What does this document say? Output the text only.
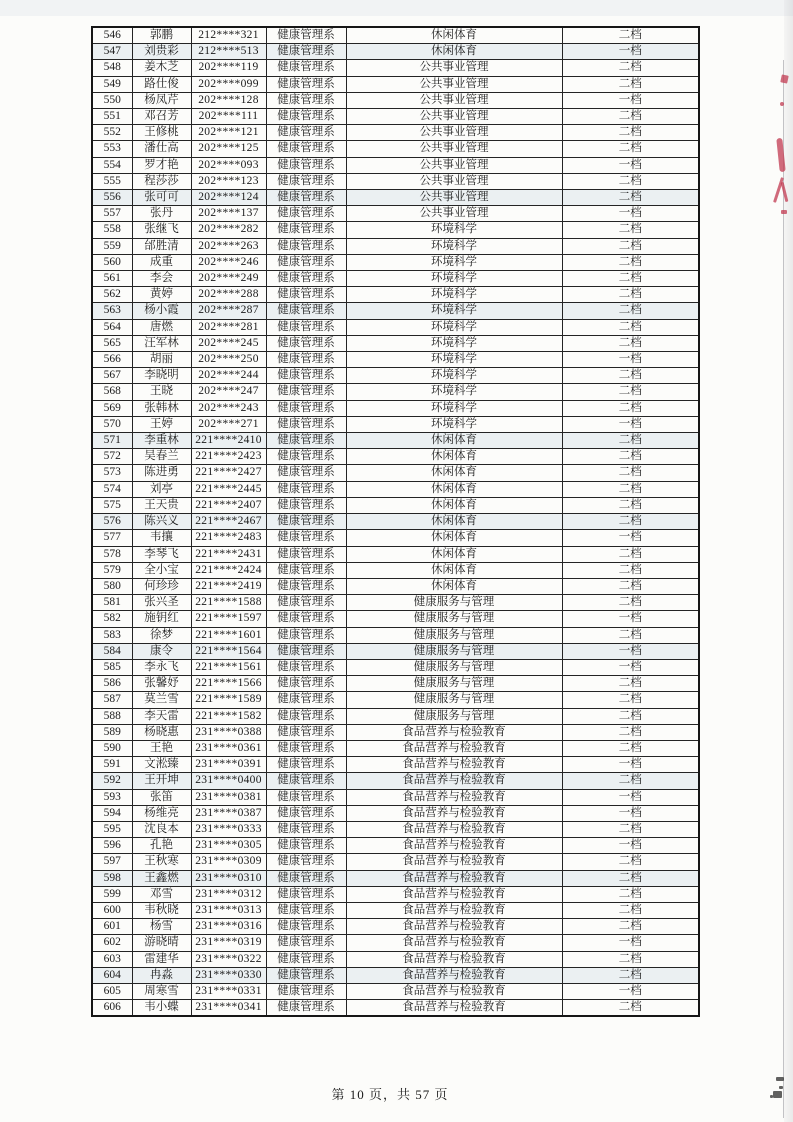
546	郭鹏	212****321	健康管理系	休闲体育	二档
547	刘贵彩	212****513	健康管理系	休闲体育	一档
548	姜木芝	202****119	健康管理系	公共事业管理	二档
549	路仕俊	202****099	健康管理系	公共事业管理	二档
550	杨凤芹	202****128	健康管理系	公共事业管理	一档
551	邓召芳	202****111	健康管理系	公共事业管理	二档
552	王修桃	202****121	健康管理系	公共事业管理	二档
553	潘仕高	202****125	健康管理系	公共事业管理	二档
554	罗才艳	202****093	健康管理系	公共事业管理	一档
555	程莎莎	202****123	健康管理系	公共事业管理	二档
556	张可可	202****124	健康管理系	公共事业管理	二档
557	张丹	202****137	健康管理系	公共事业管理	一档
558	张继飞	202****282	健康管理系	环境科学	二档
559	邰胜清	202****263	健康管理系	环境科学	二档
560	成重	202****246	健康管理系	环境科学	二档
561	李会	202****249	健康管理系	环境科学	二档
562	黄婷	202****288	健康管理系	环境科学	二档
563	杨小霞	202****287	健康管理系	环境科学	二档
564	唐燃	202****281	健康管理系	环境科学	二档
565	汪军林	202****245	健康管理系	环境科学	二档
566	胡丽	202****250	健康管理系	环境科学	一档
567	李晓明	202****244	健康管理系	环境科学	二档
568	王晓	202****247	健康管理系	环境科学	二档
569	张韩林	202****243	健康管理系	环境科学	二档
570	王婷	202****271	健康管理系	环境科学	一档
571	李重林	221****2410	健康管理系	休闲体育	二档
572	吴春兰	221****2423	健康管理系	休闲体育	二档
573	陈进勇	221****2427	健康管理系	休闲体育	二档
574	刘亭	221****2445	健康管理系	休闲体育	二档
575	王天贵	221****2407	健康管理系	休闲体育	二档
576	陈兴义	221****2467	健康管理系	休闲体育	二档
577	韦攘	221****2483	健康管理系	休闲体育	一档
578	李琴飞	221****2431	健康管理系	休闲体育	二档
579	全小宝	221****2424	健康管理系	休闲体育	二档
580	何珍珍	221****2419	健康管理系	休闲体育	二档
581	张兴圣	221****1588	健康管理系	健康服务与管理	二档
582	施钥红	221****1597	健康管理系	健康服务与管理	一档
583	徐梦	221****1601	健康管理系	健康服务与管理	二档
584	康令	221****1564	健康管理系	健康服务与管理	一档
585	李永飞	221****1561	健康管理系	健康服务与管理	一档
586	张馨妤	221****1566	健康管理系	健康服务与管理	二档
587	莫兰雪	221****1589	健康管理系	健康服务与管理	二档
588	李天雷	221****1582	健康管理系	健康服务与管理	二档
589	杨晓惠	231****0388	健康管理系	食品营养与检验教育	二档
590	王艳	231****0361	健康管理系	食品营养与检验教育	二档
591	文淞臻	231****0391	健康管理系	食品营养与检验教育	一档
592	王开坤	231****0400	健康管理系	食品营养与检验教育	二档
593	张笛	231****0381	健康管理系	食品营养与检验教育	一档
594	杨维亮	231****0387	健康管理系	食品营养与检验教育	一档
595	沈良本	231****0333	健康管理系	食品营养与检验教育	二档
596	孔艳	231****0305	健康管理系	食品营养与检验教育	一档
597	王秋寒	231****0309	健康管理系	食品营养与检验教育	二档
598	王鑫燃	231****0310	健康管理系	食品营养与检验教育	二档
599	邓雪	231****0312	健康管理系	食品营养与检验教育	二档
600	韦秋晓	231****0313	健康管理系	食品营养与检验教育	二档
601	杨雪	231****0316	健康管理系	食品营养与检验教育	二档
602	游晓晴	231****0319	健康管理系	食品营养与检验教育	一档
603	雷建华	231****0322	健康管理系	食品营养与检验教育	二档
604	冉淼	231****0330	健康管理系	食品营养与检验教育	二档
605	周寒雪	231****0331	健康管理系	食品营养与检验教育	一档
606	韦小蝶	231****0341	健康管理系	食品营养与检验教育	二档
第 10 页，共 57 页
